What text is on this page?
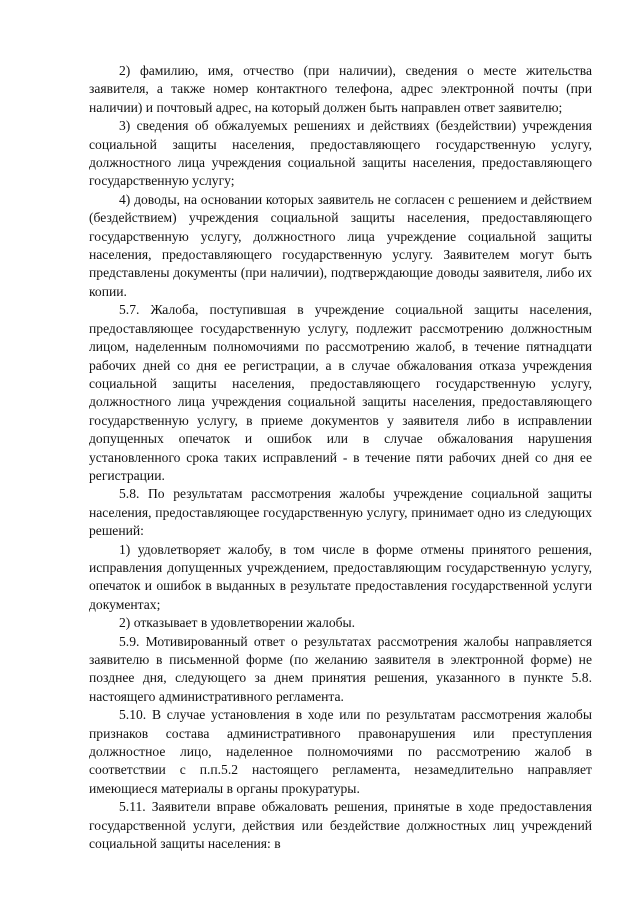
2) фамилию, имя, отчество (при наличии), сведения о месте жительства заявителя, а также номер контактного телефона, адрес электронной почты (при наличии) и почтовый адрес, на который должен быть направлен ответ заявителю;

3) сведения об обжалуемых решениях и действиях (бездействии) учреждения социальной защиты населения, предоставляющего государственную услугу, должностного лица учреждения социальной защиты населения, предоставляющего государственную услугу;

4) доводы, на основании которых заявитель не согласен с решением и действием (бездействием) учреждения социальной защиты населения, предоставляющего государственную услугу, должностного лица учреждение социальной защиты населения, предоставляющего государственную услугу. Заявителем могут быть представлены документы (при наличии), подтверждающие доводы заявителя, либо их копии.

5.7. Жалоба, поступившая в учреждение социальной защиты населения, предоставляющее государственную услугу, подлежит рассмотрению должностным лицом, наделенным полномочиями по рассмотрению жалоб, в течение пятнадцати рабочих дней со дня ее регистрации, а в случае обжалования отказа учреждения социальной защиты населения, предоставляющего государственную услугу, должностного лица учреждения социальной защиты населения, предоставляющего государственную услугу, в приеме документов у заявителя либо в исправлении допущенных опечаток и ошибок или в случае обжалования нарушения установленного срока таких исправлений - в течение пяти рабочих дней со дня ее регистрации.

5.8. По результатам рассмотрения жалобы учреждение социальной защиты населения, предоставляющее государственную услугу, принимает одно из следующих решений:

1) удовлетворяет жалобу, в том числе в форме отмены принятого решения, исправления допущенных учреждением, предоставляющим государственную услугу, опечаток и ошибок в выданных в результате предоставления государственной услуги документах;

2) отказывает в удовлетворении жалобы.

5.9. Мотивированный ответ о результатах рассмотрения жалобы направляется заявителю в письменной форме (по желанию заявителя в электронной форме) не позднее дня, следующего за днем принятия решения, указанного в пункте 5.8. настоящего административного регламента.

5.10. В случае установления в ходе или по результатам рассмотрения жалобы признаков состава административного правонарушения или преступления должностное лицо, наделенное полномочиями по рассмотрению жалоб в соответствии с п.п.5.2 настоящего регламента, незамедлительно направляет имеющиеся материалы в органы прокуратуры.

5.11. Заявители вправе обжаловать решения, принятые в ходе предоставления государственной услуги, действия или бездействие должностных лиц учреждений социальной защиты населения: в
